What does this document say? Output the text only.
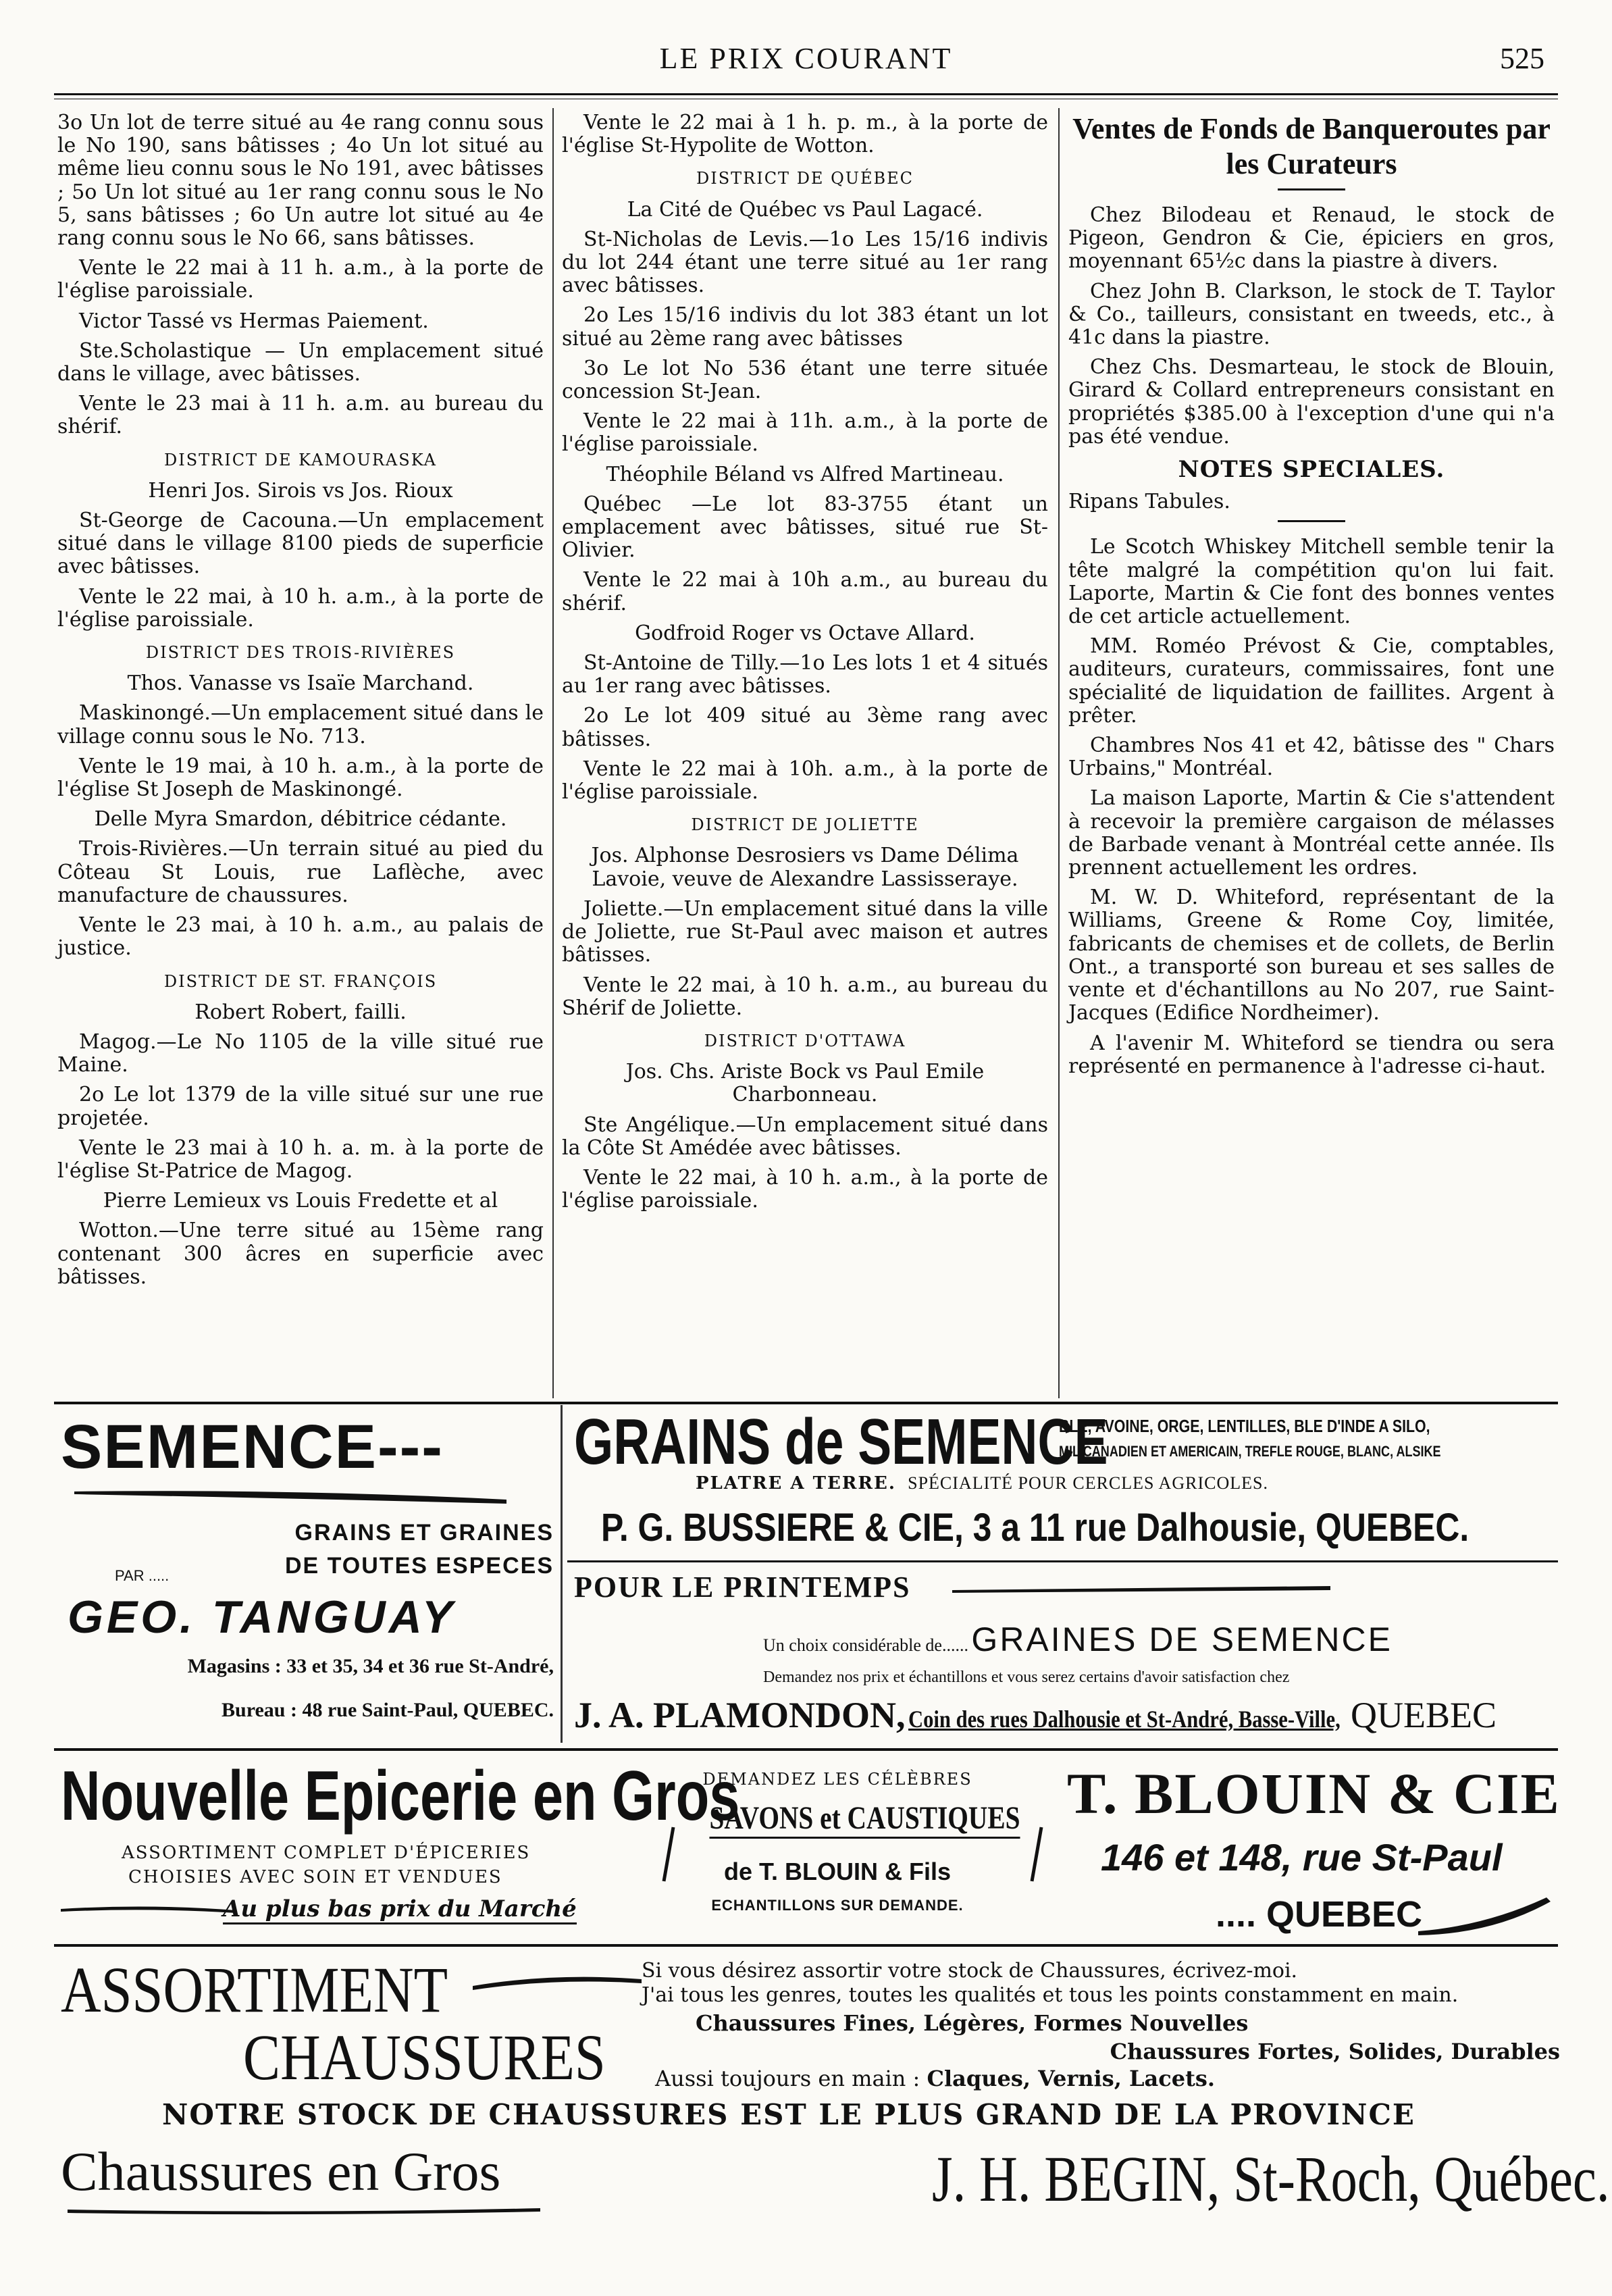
LE PRIX COURANT	525

3o Un lot de terre situé au 4e rang connu sous le No 190, sans bâtisses ; 4o Un lot situé au même lieu connu sous le No 191, avec bâtisses ; 5o Un lot situé au 1er rang connu sous le No 5, sans bâtisses ; 6o Un autre lot situé au 4e rang connu sous le No 66, sans bâtisses.

Vente le 22 mai à 11 h. a.m., à la porte de l'église paroissiale.

Victor Tassé vs Hermas Paiement.

Ste.Scholastique — Un emplacement situé dans le village, avec bâtisses.

Vente le 23 mai à 11 h. a.m. au bureau du shérif.

DISTRICT DE KAMOURASKA

Henri Jos. Sirois vs Jos. Rioux

St-George de Cacouna.—Un emplacement situé dans le village 8100 pieds de superficie avec bâtisses.

Vente le 22 mai, à 10 h. a.m., à la porte de l'église paroissiale.

DISTRICT DES TROIS-RIVIÈRES

Thos. Vanasse vs Isaïe Marchand.

Maskinongé.—Un emplacement situé dans le village connu sous le No. 713.

Vente le 19 mai, à 10 h. a.m., à la porte de l'église St Joseph de Maskinongé.

Delle Myra Smardon, débitrice cédante.

Trois-Rivières.—Un terrain situé au pied du Côteau St Louis, rue Laflèche, avec manufacture de chaussures.

Vente le 23 mai, à 10 h. a.m., au palais de justice.

DISTRICT DE ST. FRANÇOIS

Robert Robert, failli.

Magog.—Le No 1105 de la ville situé rue Maine.

2o Le lot 1379 de la ville situé sur une rue projetée.

Vente le 23 mai à 10 h. a. m. à la porte de l'église St-Patrice de Magog.

Pierre Lemieux vs Louis Fredette et al

Wotton.—Une terre situé au 15ème rang contenant 300 âcres en superficie avec bâtisses.

Vente le 22 mai à 1 h. p. m., à la porte de l'église St-Hypolite de Wotton.

DISTRICT DE QUÉBEC

La Cité de Québec vs Paul Lagacé.

St-Nicholas de Levis.—1o Les 15/16 indivis du lot 244 étant une terre situé au 1er rang avec bâtisses.

2o Les 15/16 indivis du lot 383 étant un lot situé au 2ème rang avec bâtisses

3o Le lot No 536 étant une terre située concession St-Jean.

Vente le 22 mai à 11h. a.m., à la porte de l'église paroissiale.

Théophile Béland vs Alfred Martineau.

Québec —Le lot 83-3755 étant un emplacement avec bâtisses, situé rue St-Olivier.

Vente le 22 mai à 10h a.m., au bureau du shérif.

Godfroid Roger vs Octave Allard.

St-Antoine de Tilly.—1o Les lots 1 et 4 situés au 1er rang avec bâtisses.

2o Le lot 409 situé au 3ème rang avec bâtisses.

Vente le 22 mai à 10h. a.m., à la porte de l'église paroissiale.

DISTRICT DE JOLIETTE

Jos. Alphonse Desrosiers vs Dame Délima Lavoie, veuve de Alexandre Lassisseraye.

Joliette.—Un emplacement situé dans la ville de Joliette, rue St-Paul avec maison et autres bâtisses.

Vente le 22 mai, à 10 h. a.m., au bureau du Shérif de Joliette.

DISTRICT D'OTTAWA

Jos. Chs. Ariste Bock vs Paul Emile Charbonneau.

Ste Angélique.—Un emplacement situé dans la Côte St Amédée avec bâtisses.

Vente le 22 mai, à 10 h. a.m., à la porte de l'église paroissiale.

Ventes de Fonds de Banqueroutes par les Curateurs

Chez Bilodeau et Renaud, le stock de Pigeon, Gendron & Cie, épiciers en gros, moyennant 65½c dans la piastre à divers.

Chez John B. Clarkson, le stock de T. Taylor & Co., tailleurs, consistant en tweeds, etc., à 41c dans la piastre.

Chez Chs. Desmarteau, le stock de Blouin, Girard & Collard entrepreneurs consistant en propriétés $385.00 à l'exception d'une qui n'a pas été vendue.

NOTES SPECIALES.

Ripans Tabules.

Le Scotch Whiskey Mitchell semble tenir la tête malgré la compétition qu'on lui fait. Laporte, Martin & Cie font des bonnes ventes de cet article actuellement.

MM. Roméo Prévost & Cie, comptables, auditeurs, curateurs, commissaires, font une spécialité de liquidation de faillites. Argent à prêter.

Chambres Nos 41 et 42, bâtisse des " Chars Urbains," Montréal.

La maison Laporte, Martin & Cie s'attendent à recevoir la première cargaison de mélasses de Barbade venant à Montréal cette année. Ils prennent actuellement les ordres.

M. W. D. Whiteford, représentant de la Williams, Greene & Rome Coy, limitée, fabricants de chemises et de collets, de Berlin Ont., a transporté son bureau et ses salles de vente et d'échantillons au No 207, rue Saint-Jacques (Edifice Nordheimer).

A l'avenir M. Whiteford se tiendra ou sera représenté en permanence à l'adresse ci-haut.

SEMENCE---
GRAINS ET GRAINES
DE TOUTES ESPECES
PAR .....
GEO. TANGUAY
Magasins : 33 et 35, 34 et 36 rue St-André,
Bureau : 48 rue Saint-Paul, QUEBEC.
GRAINS de SEMENCE
BLE, AVOINE, ORGE, LENTILLES, BLE D'INDE A SILO,
MIL CANADIEN ET AMERICAIN, TREFLE ROUGE, BLANC, ALSIKE
PLATRE A TERRE. SPÉCIALITÉ POUR CERCLES AGRICOLES.
P. G. BUSSIERE & CIE, 3 a 11 rue Dalhousie, QUEBEC.
POUR LE PRINTEMPS
Un choix considérable de...... GRAINES DE SEMENCE
Demandez nos prix et échantillons et vous serez certains d'avoir satisfaction chez
J. A. PLAMONDON, Coin des rues Dalhousie et St-André, Basse-Ville, QUEBEC
Nouvelle Epicerie en Gros
ASSORTIMENT COMPLET D'ÉPICERIES
CHOISIES AVEC SOIN ET VENDUES
Au plus bas prix du Marché
DEMANDEZ LES CÉLÈBRES
SAVONS et CAUSTIQUES
de T. BLOUIN & Fils
ECHANTILLONS SUR DEMANDE.
T. BLOUIN & CIE
146 et 148, rue St-Paul
.... QUEBEC
ASSORTIMENT
CHAUSSURES
Si vous désirez assortir votre stock de Chaussures, écrivez-moi.
J'ai tous les genres, toutes les qualités et tous les points constamment en main.
Chaussures Fines, Légères, Formes Nouvelles
Chaussures Fortes, Solides, Durables
Aussi toujours en main : Claques, Vernis, Lacets.
NOTRE STOCK DE CHAUSSURES EST LE PLUS GRAND DE LA PROVINCE
Chaussures en Gros	J. H. BEGIN, St-Roch, Québec.
